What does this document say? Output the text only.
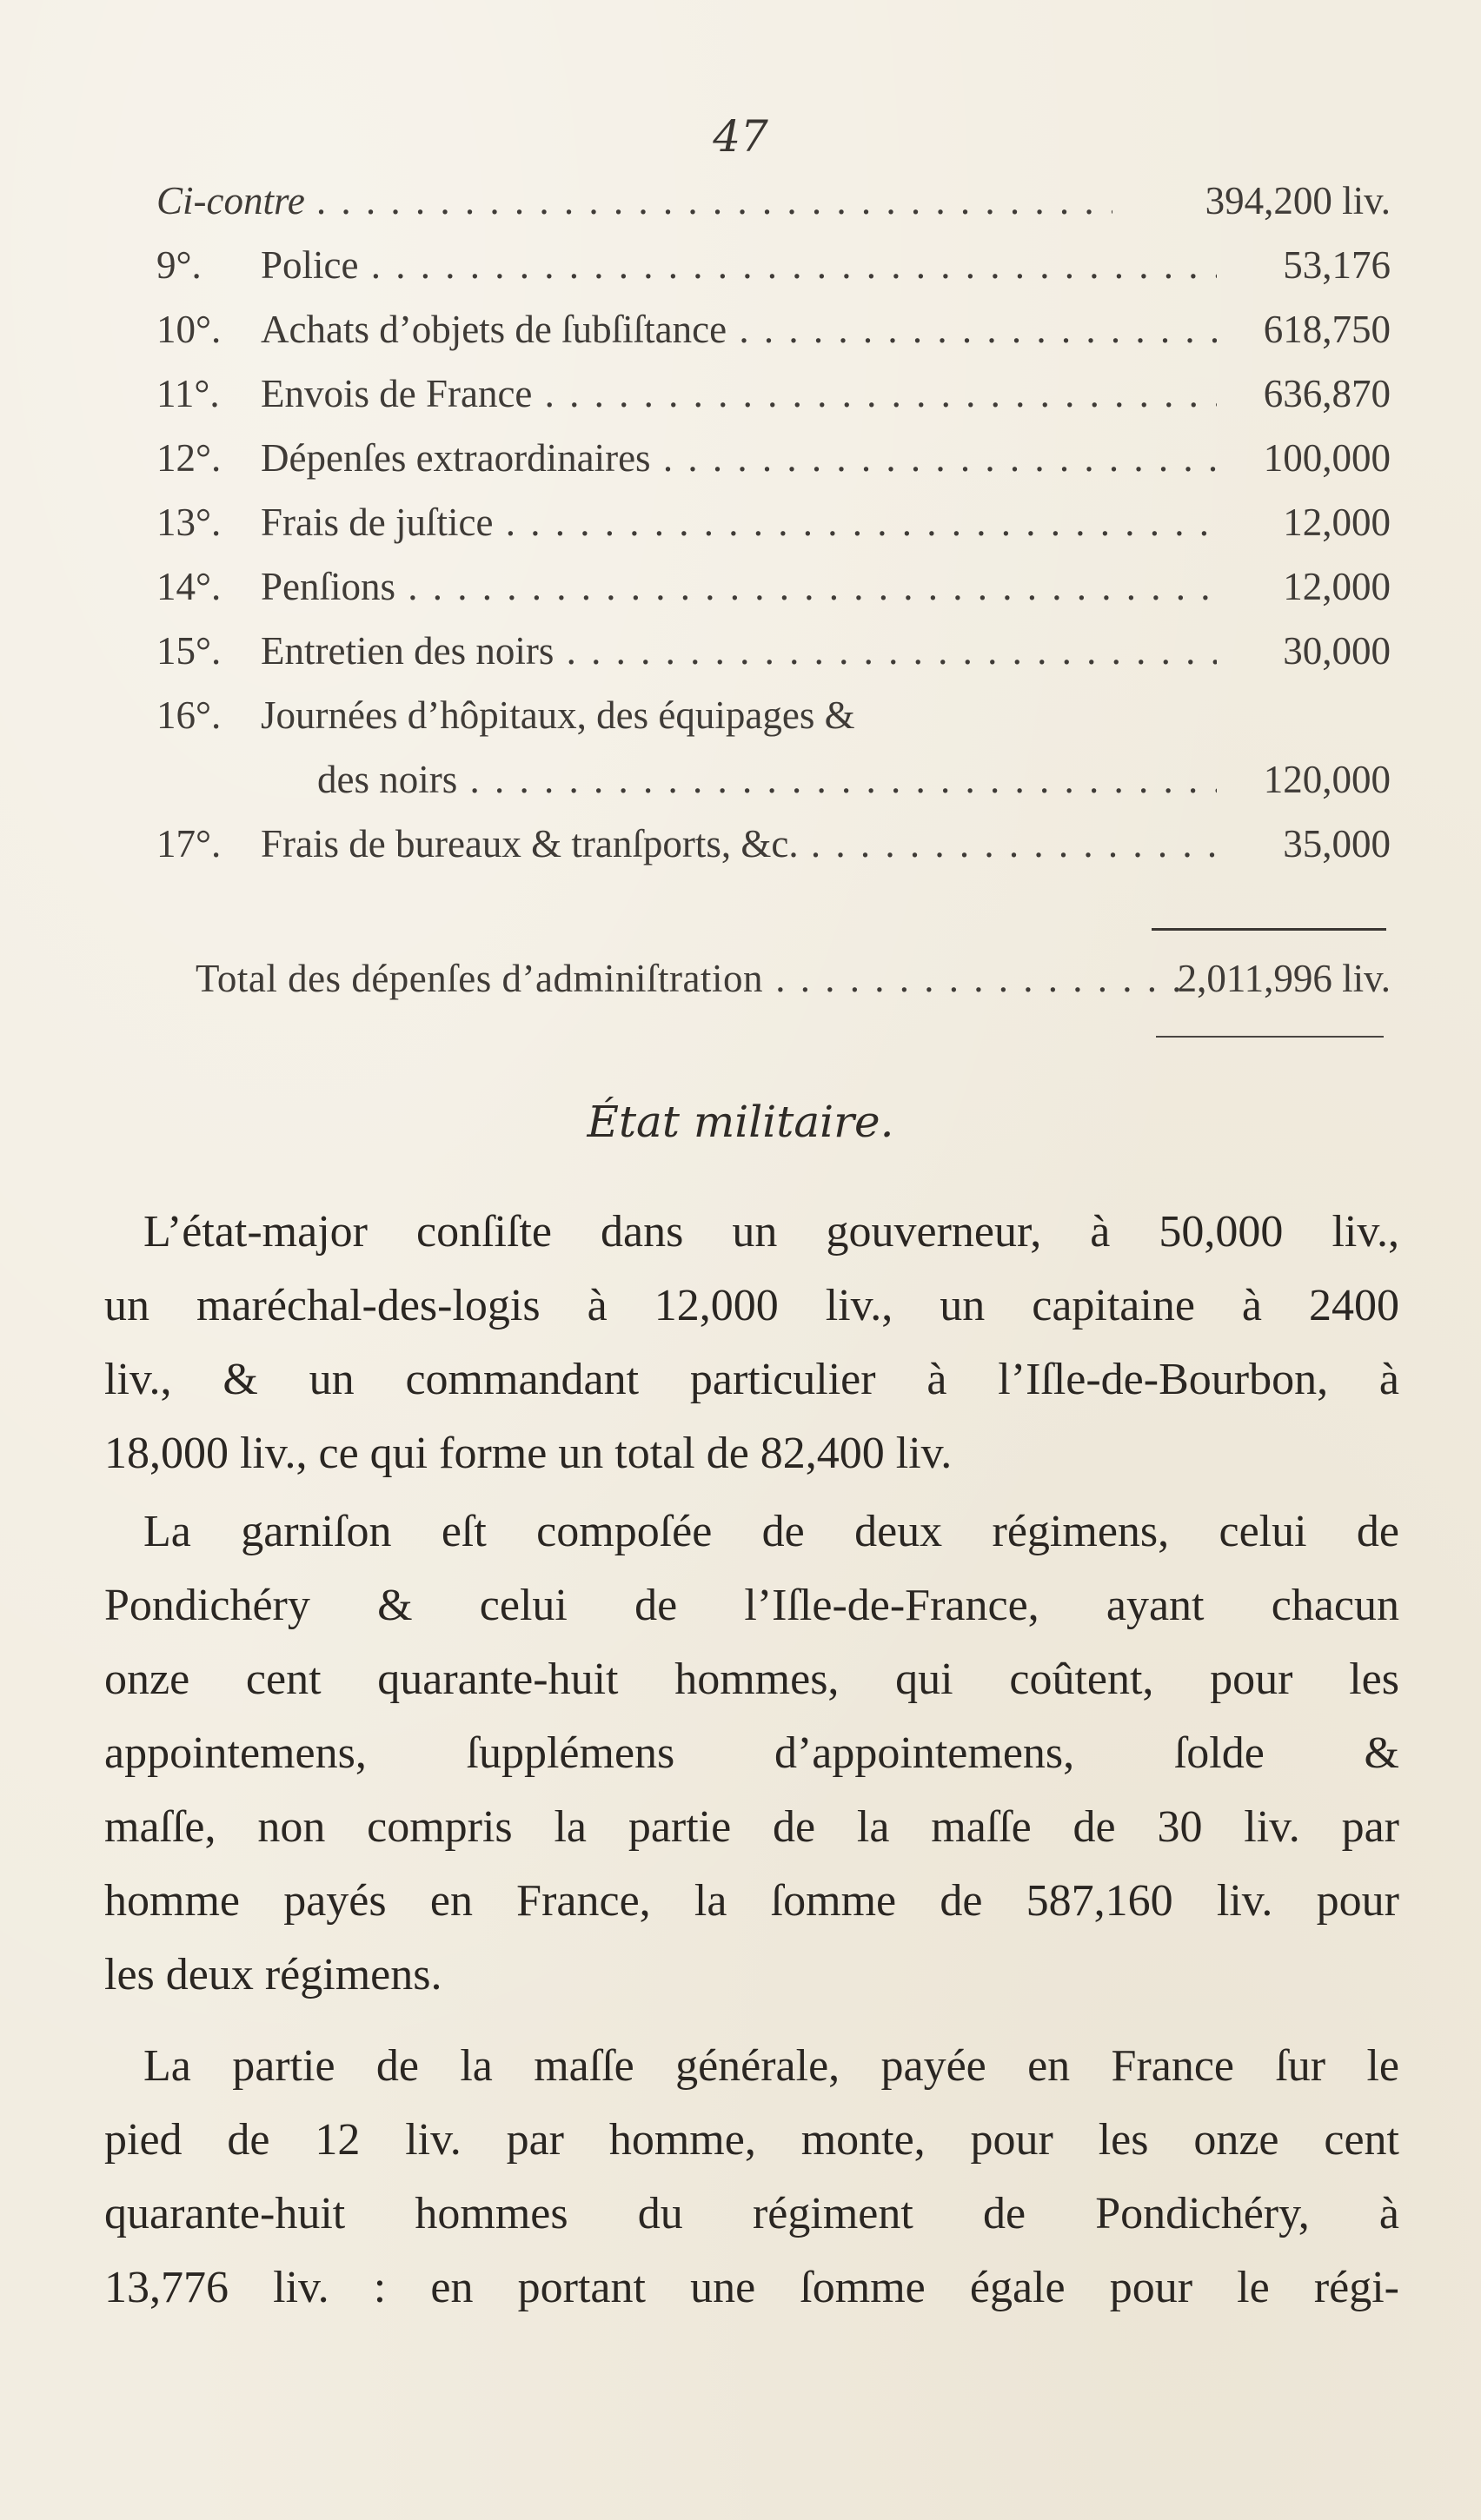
47
Ci-contre . . .	394,200 liv.
9°. Police . . .	53,176
10°. Achats d’objets de ſubſiſtance . . .	618,750
11°. Envois de France . . .	636,870
12°. Dépenſes extraordinaires . . .	100,000
13°. Frais de juſtice . . .	12,000
14°. Penſions . . .	12,000
15°. Entretien des noirs . . .	30,000
16°. Journées d’hôpitaux, des équipages &
des noirs . . .	120,000
17°. Frais de bureaux & tranſports, &c. . . .	35,000
Total des dépenſes d’adminiſtration . . .	2,011,996 liv.
État militaire.
L’état-major conſiſte dans un gouverneur, à 50,000 liv.,
un maréchal-des-logis à 12,000 liv., un capitaine à 2400
liv., & un commandant particulier à l’Iſle-de-Bourbon, à
18,000 liv., ce qui forme un total de 82,400 liv.
La garniſon eſt compoſée de deux régimens, celui de
Pondichéry & celui de l’Iſle-de-France, ayant chacun
onze cent quarante-huit hommes, qui coûtent, pour les
appointemens, ſupplémens d’appointemens, ſolde &
maſſe, non compris la partie de la maſſe de 30 liv. par
homme payés en France, la ſomme de 587,160 liv. pour
les deux régimens.
La partie de la maſſe générale, payée en France ſur le
pied de 12 liv. par homme, monte, pour les onze cent
quarante-huit hommes du régiment de Pondichéry, à
13,776 liv. : en portant une ſomme égale pour le régi-
